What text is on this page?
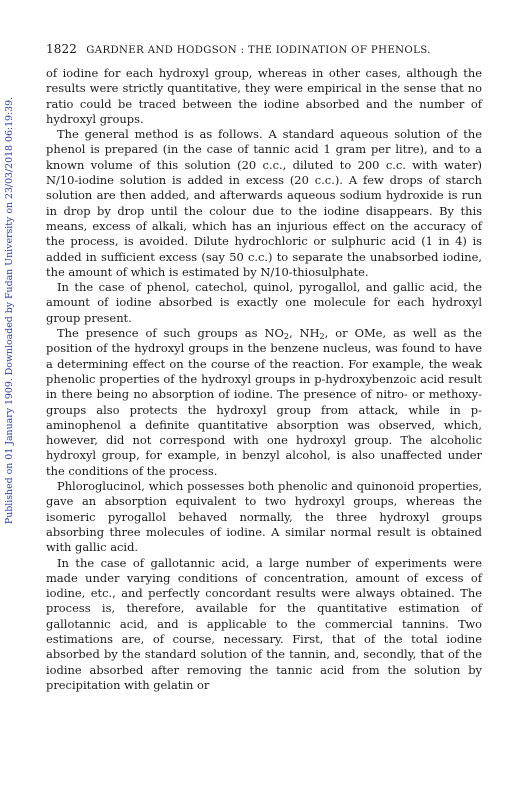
Published on 01 January 1909. Downloaded by Fudan University on 23/03/2018 06:19:39.
1822 GARDNER AND HODGSON : THE IODINATION OF PHENOLS.

of iodine for each hydroxyl group, whereas in other cases, although the results were strictly quantitative, they were empirical in the sense that no ratio could be traced between the iodine absorbed and the number of hydroxyl groups.

The general method is as follows. A standard aqueous solution of the phenol is prepared (in the case of tannic acid 1 gram per litre), and to a known volume of this solution (20 c.c., diluted to 200 c.c. with water) N/10-iodine solution is added in excess (20 c.c.). A few drops of starch solution are then added, and afterwards aqueous sodium hydroxide is run in drop by drop until the colour due to the iodine disappears. By this means, excess of alkali, which has an injurious effect on the accuracy of the process, is avoided. Dilute hydrochloric or sulphuric acid (1 in 4) is added in sufficient excess (say 50 c.c.) to separate the unabsorbed iodine, the amount of which is estimated by N/10-thiosulphate.

In the case of phenol, catechol, quinol, pyrogallol, and gallic acid, the amount of iodine absorbed is exactly one molecule for each hydroxyl group present.

The presence of such groups as $NO_2$, $NH_2$, or OMe, as well as the position of the hydroxyl groups in the benzene nucleus, was found to have a determining effect on the course of the reaction. For example, the weak phenolic properties of the hydroxyl groups in p-hydroxybenzoic acid result in there being no absorption of iodine. The presence of nitro- or methoxy-groups also protects the hydroxyl group from attack, while in p-aminophenol a definite quantitative absorption was observed, which, however, did not correspond with one hydroxyl group. The alcoholic hydroxyl group, for example, in benzyl alcohol, is also unaffected under the conditions of the process.

Phloroglucinol, which possesses both phenolic and quinonoid properties, gave an absorption equivalent to two hydroxyl groups, whereas the isomeric pyrogallol behaved normally, the three hydroxyl groups absorbing three molecules of iodine. A similar normal result is obtained with gallic acid.

In the case of gallotannic acid, a large number of experiments were made under varying conditions of concentration, amount of excess of iodine, etc., and perfectly concordant results were always obtained. The process is, therefore, available for the quantitative estimation of gallotannic acid, and is applicable to the commercial tannins. Two estimations are, of course, necessary. First, that of the total iodine absorbed by the standard solution of the tannin, and, secondly, that of the iodine absorbed after removing the tannic acid from the solution by precipitation with gelatin or
